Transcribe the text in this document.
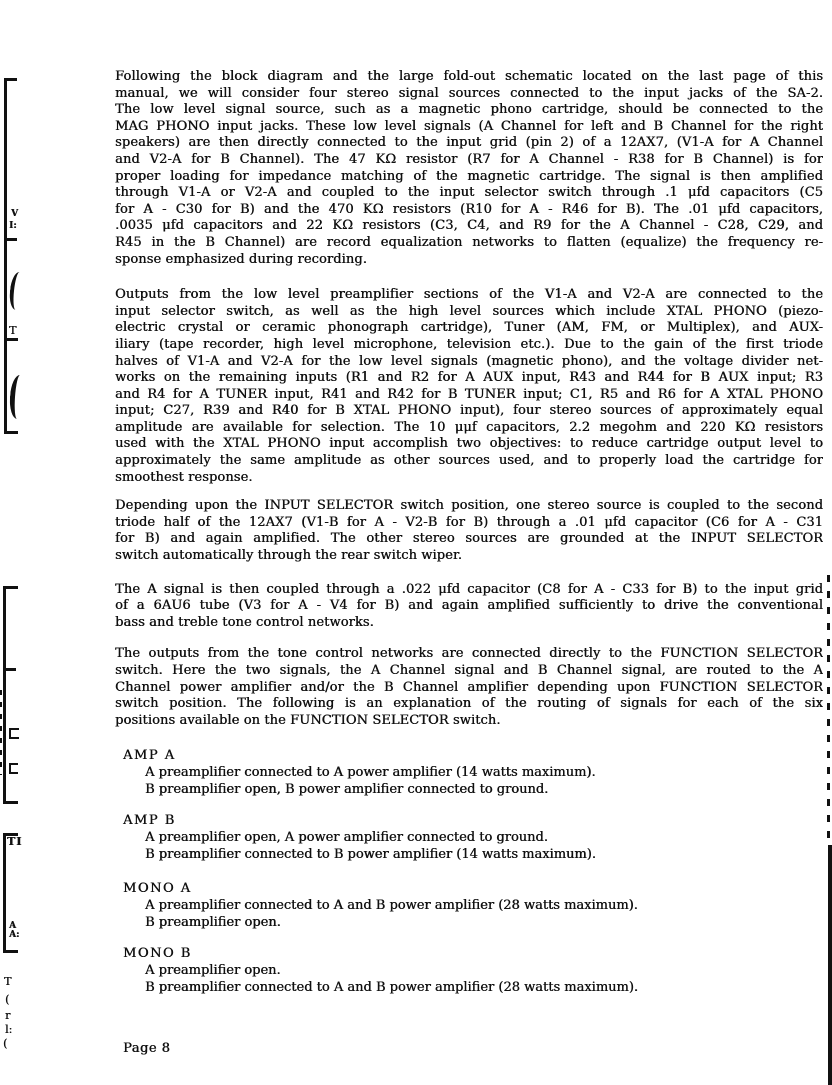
V
I:
T
TI
A
A:
T
(
r
l:
(
Following the block diagram and the large fold-out schematic located on the last page of this
manual, we will consider four stereo signal sources connected to the input jacks of the SA-2.
The low level signal source, such as a magnetic phono cartridge, should be connected to the
MAG PHONO input jacks. These low level signals (A Channel for left and B Channel for the right
speakers) are then directly connected to the input grid (pin 2) of a 12AX7, (V1-A for A Channel
and V2-A for B Channel). The 47 KΩ resistor (R7 for A Channel - R38 for B Channel) is for
proper loading for impedance matching of the magnetic cartridge. The signal is then amplified
through V1-A or V2-A and coupled to the input selector switch through .1 μfd capacitors (C5
for A - C30 for B) and the 470 KΩ resistors (R10 for A - R46 for B). The .01 μfd capacitors,
.0035 μfd capacitors and 22 KΩ resistors (C3, C4, and R9 for the A Channel - C28, C29, and
R45 in the B Channel) are record equalization networks to flatten (equalize) the frequency re-
sponse emphasized during recording.
Outputs from the low level preamplifier sections of the V1-A and V2-A are connected to the
input selector switch, as well as the high level sources which include XTAL PHONO (piezo-
electric crystal or ceramic phonograph cartridge), Tuner (AM, FM, or Multiplex), and AUX-
iliary (tape recorder, high level microphone, television etc.). Due to the gain of the first triode
halves of V1-A and V2-A for the low level signals (magnetic phono), and the voltage divider net-
works on the remaining inputs (R1 and R2 for A AUX input, R43 and R44 for B AUX input; R3
and R4 for A TUNER input, R41 and R42 for B TUNER input; C1, R5 and R6 for A XTAL PHONO
input; C27, R39 and R40 for B XTAL PHONO input), four stereo sources of approximately equal
amplitude are available for selection. The 10 μμf capacitors, 2.2 megohm and 220 KΩ resistors
used with the XTAL PHONO input accomplish two objectives: to reduce cartridge output level to
approximately the same amplitude as other sources used, and to properly load the cartridge for
smoothest response.
Depending upon the INPUT SELECTOR switch position, one stereo source is coupled to the second
triode half of the 12AX7 (V1-B for A - V2-B for B) through a .01 μfd capacitor (C6 for A - C31
for B) and again amplified. The other stereo sources are grounded at the INPUT SELECTOR
switch automatically through the rear switch wiper.
The A signal is then coupled through a .022 μfd capacitor (C8 for A - C33 for B) to the input grid
of a 6AU6 tube (V3 for A - V4 for B) and again amplified sufficiently to drive the conventional
bass and treble tone control networks.
The outputs from the tone control networks are connected directly to the FUNCTION SELECTOR
switch. Here the two signals, the A Channel signal and B Channel signal, are routed to the A
Channel power amplifier and/or the B Channel amplifier depending upon FUNCTION SELECTOR
switch position. The following is an explanation of the routing of signals for each of the six
positions available on the FUNCTION SELECTOR switch.
AMP A
A preamplifier connected to A power amplifier (14 watts maximum).
B preamplifier open, B power amplifier connected to ground.
AMP B
A preamplifier open, A power amplifier connected to ground.
B preamplifier connected to B power amplifier (14 watts maximum).
MONO A
A preamplifier connected to A and B power amplifier (28 watts maximum).
B preamplifier open.
MONO B
A preamplifier open.
B preamplifier connected to A and B power amplifier (28 watts maximum).
Page 8
